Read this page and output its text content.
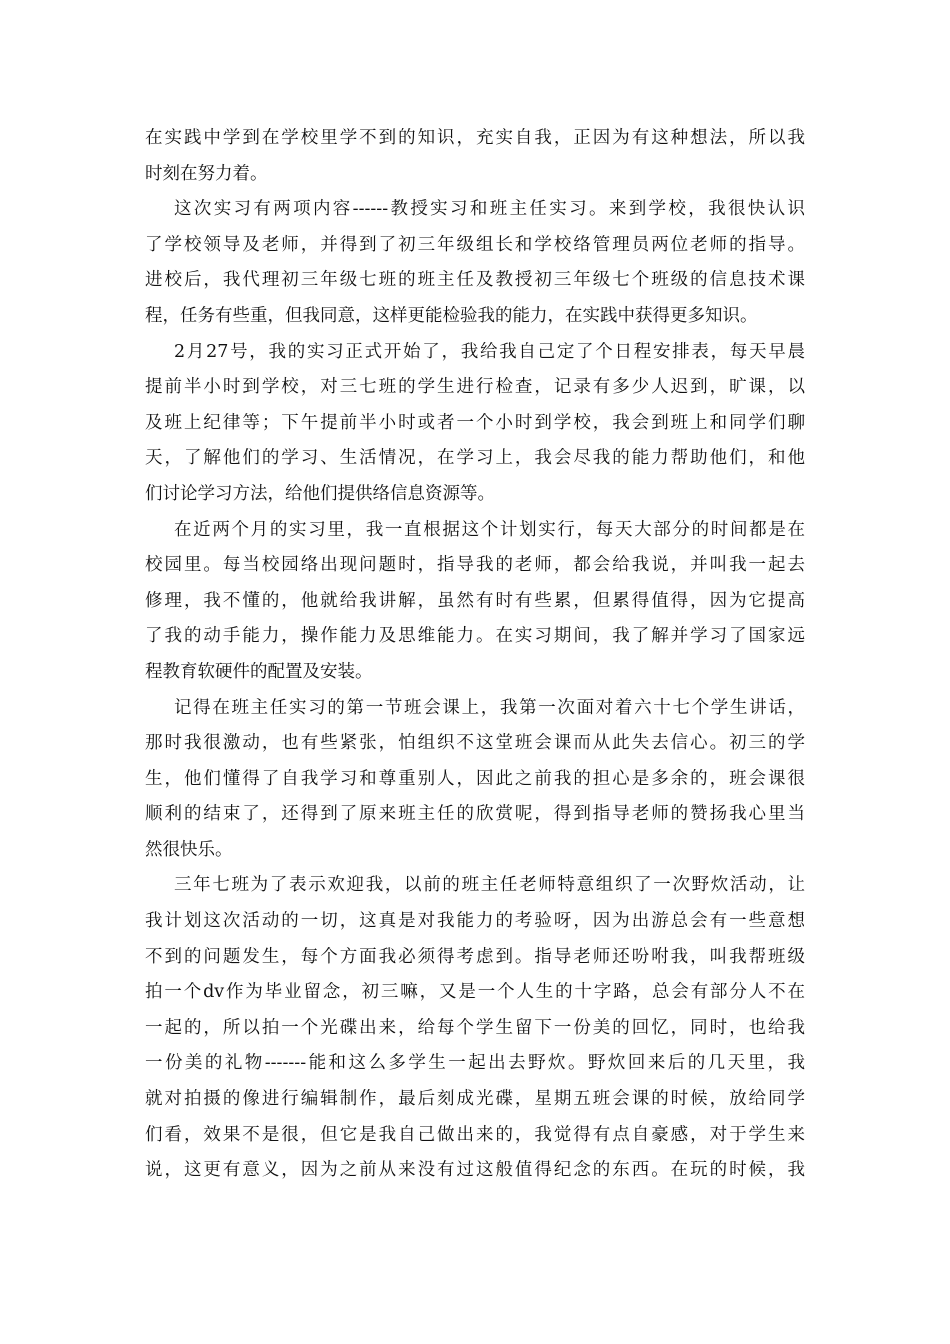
在实践中学到在学校里学不到的知识，充实自我，正因为有这种想法，所以我
时刻在努力着。
这次实习有两项内容------教授实习和班主任实习。来到学校，我很快认识
了学校领导及老师，并得到了初三年级组长和学校络管理员两位老师的指导。
进校后，我代理初三年级七班的班主任及教授初三年级七个班级的信息技术课
程，任务有些重，但我同意，这样更能检验我的能力，在实践中获得更多知识。
2月27号，我的实习正式开始了，我给我自己定了个日程安排表，每天早晨
提前半小时到学校，对三七班的学生进行检查，记录有多少人迟到，旷课，以
及班上纪律等；下午提前半小时或者一个小时到学校，我会到班上和同学们聊
天，了解他们的学习、生活情况，在学习上，我会尽我的能力帮助他们，和他
们讨论学习方法，给他们提供络信息资源等。
在近两个月的实习里，我一直根据这个计划实行，每天大部分的时间都是在
校园里。每当校园络出现问题时，指导我的老师，都会给我说，并叫我一起去
修理，我不懂的，他就给我讲解，虽然有时有些累，但累得值得，因为它提高
了我的动手能力，操作能力及思维能力。在实习期间，我了解并学习了国家远
程教育软硬件的配置及安装。
记得在班主任实习的第一节班会课上，我第一次面对着六十七个学生讲话，
那时我很激动，也有些紧张，怕组织不这堂班会课而从此失去信心。初三的学
生，他们懂得了自我学习和尊重别人，因此之前我的担心是多余的，班会课很
顺利的结束了，还得到了原来班主任的欣赏呢，得到指导老师的赞扬我心里当
然很快乐。
三年七班为了表示欢迎我，以前的班主任老师特意组织了一次野炊活动，让
我计划这次活动的一切，这真是对我能力的考验呀，因为出游总会有一些意想
不到的问题发生，每个方面我必须得考虑到。指导老师还吩咐我，叫我帮班级
拍一个dv作为毕业留念，初三嘛，又是一个人生的十字路，总会有部分人不在
一起的，所以拍一个光碟出来，给每个学生留下一份美的回忆，同时，也给我
一份美的礼物-------能和这么多学生一起出去野炊。野炊回来后的几天里，我
就对拍摄的像进行编辑制作，最后刻成光碟，星期五班会课的时候，放给同学
们看，效果不是很，但它是我自己做出来的，我觉得有点自豪感，对于学生来
说，这更有意义，因为之前从来没有过这般值得纪念的东西。在玩的时候，我
